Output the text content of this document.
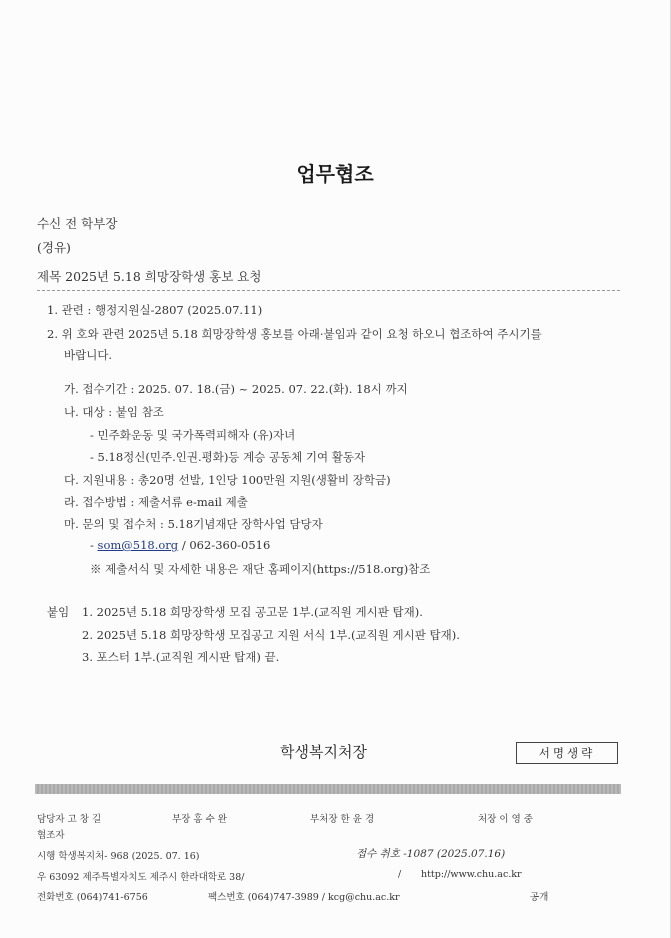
업무협조
수신 전 학부장
(경유)
제목 2025년 5.18 희망장학생 홍보 요청
1. 관련 : 행정지원실-2807 (2025.07.11)
2. 위 호와 관련 2025년 5.18 희망장학생 홍보를 아래·붙임과 같이 요청 하오니 협조하여 주시기를
바랍니다.
가. 접수기간 : 2025. 07. 18.(금) ~ 2025. 07. 22.(화). 18시 까지
나. 대상 : 붙임 참조
- 민주화운동 및 국가폭력피해자 (유)자녀
- 5.18정신(민주.인권.평화)등 계승 공동체 기여 활동자
다. 지원내용 : 총20명 선발, 1인당 100만원 지원(생활비 장학금)
라. 접수방법 : 제출서류 e-mail 제출
마. 문의 및 접수처 : 5.18기념재단 장학사업 담당자
- som@518.org / 062-360-0516
※ 제출서식 및 자세한 내용은 재단 홈페이지(https://518.org)참조
붙임 1. 2025년 5.18 희망장학생 모집 공고문 1부.(교직원 게시판 탑재).
2. 2025년 5.18 희망장학생 모집공고 지원 서식 1부.(교직원 게시판 탑재).
3. 포스터 1부.(교직원 게시판 탑재) 끝.
학생복지처장	서명생략
담당자 고 창 길	부장 홍 수 완	부처장 한 윤 경	처장 이 영 중
협조자
시행 학생복지처- 968 (2025. 07. 16)	접수 취호 -1087 (2025.07.16)
우 63092 제주특별자치도 제주시 한라대학로 38/	/ http://www.chu.ac.kr
전화번호 (064)741-6756	팩스번호 (064)747-3989 / kcg@chu.ac.kr	공개
